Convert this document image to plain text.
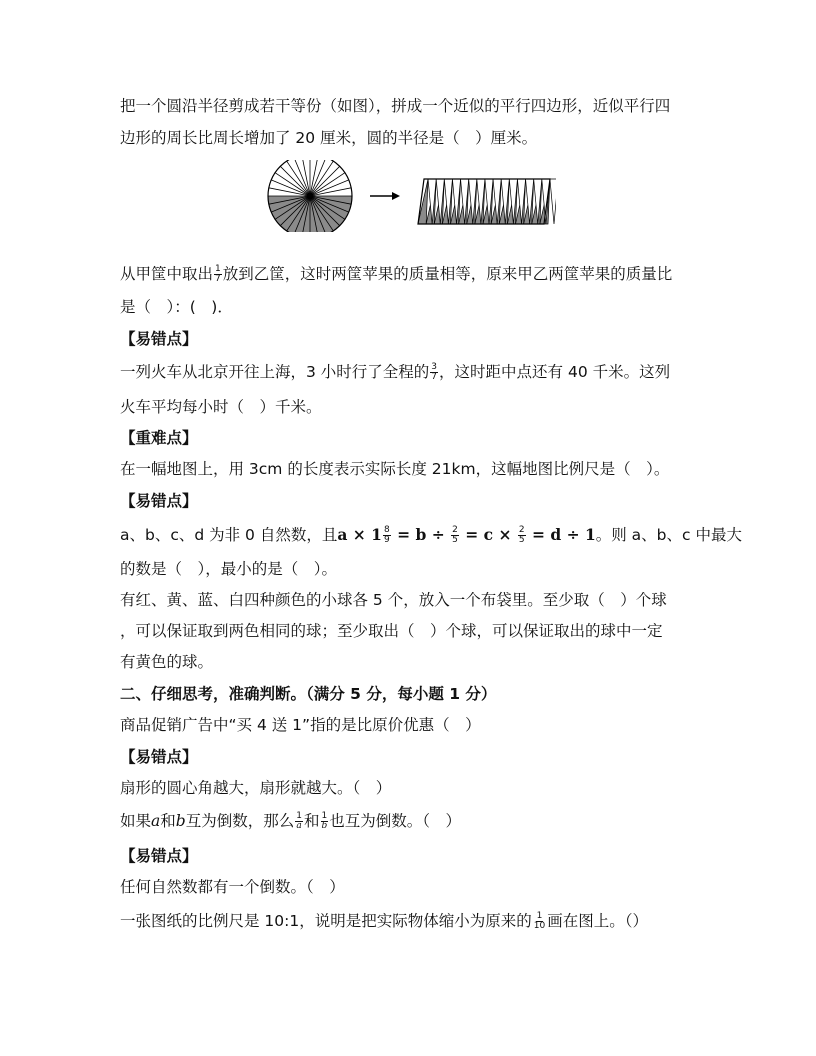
把一个圆沿半径剪成若干等份（如图），拼成一个近似的平行四边形，近似平行四
边形的周长比周长增加了 20 厘米，圆的半径是（　）厘米。
从甲筐中取出 $\frac{1}{7}$ 放到乙筐，这时两筐苹果的质量相等，原来甲乙两筐苹果的质量比
是（　）：(　)．
【易错点】
一列火车从北京开往上海，3 小时行了全程的 $\frac{3}{7}$ ，这时距中点还有 40 千米。这列
火车平均每小时（　）千米。
【重难点】
在一幅地图上，用 3cm 的长度表示实际长度 21km，这幅地图比例尺是（　）。
【易错点】
a、b、c、d 为非 0 自然数，且$a \times 1 \frac{8}{9} = b \div \frac{2}{5} = c \times \frac{2}{5} = d \div 1$。则 a、b、c 中最大
的数是（　），最小的是（　）。
有红、黄、蓝、白四种颜色的小球各 5 个，放入一个布袋里。至少取（　）个球
，可以保证取到两色相同的球；至少取出（　）个球，可以保证取出的球中一定
有黄色的球。
二、仔细思考，准确判断。（满分 5 分，每小题 1 分）
商品促销广告中“买 4 送 1”指的是比原价优惠（　）
【易错点】
扇形的圆心角越大，扇形就越大。（　）
如果a和b互为倒数，那么 $\frac{1}{a}$ 和 $\frac{1}{b}$ 也互为倒数。（　）
【易错点】
任何自然数都有一个倒数。（　）
一张图纸的比例尺是 10:1，说明是把实际物体缩小为原来的 $\frac{1}{10}$ 画在图上。（）
